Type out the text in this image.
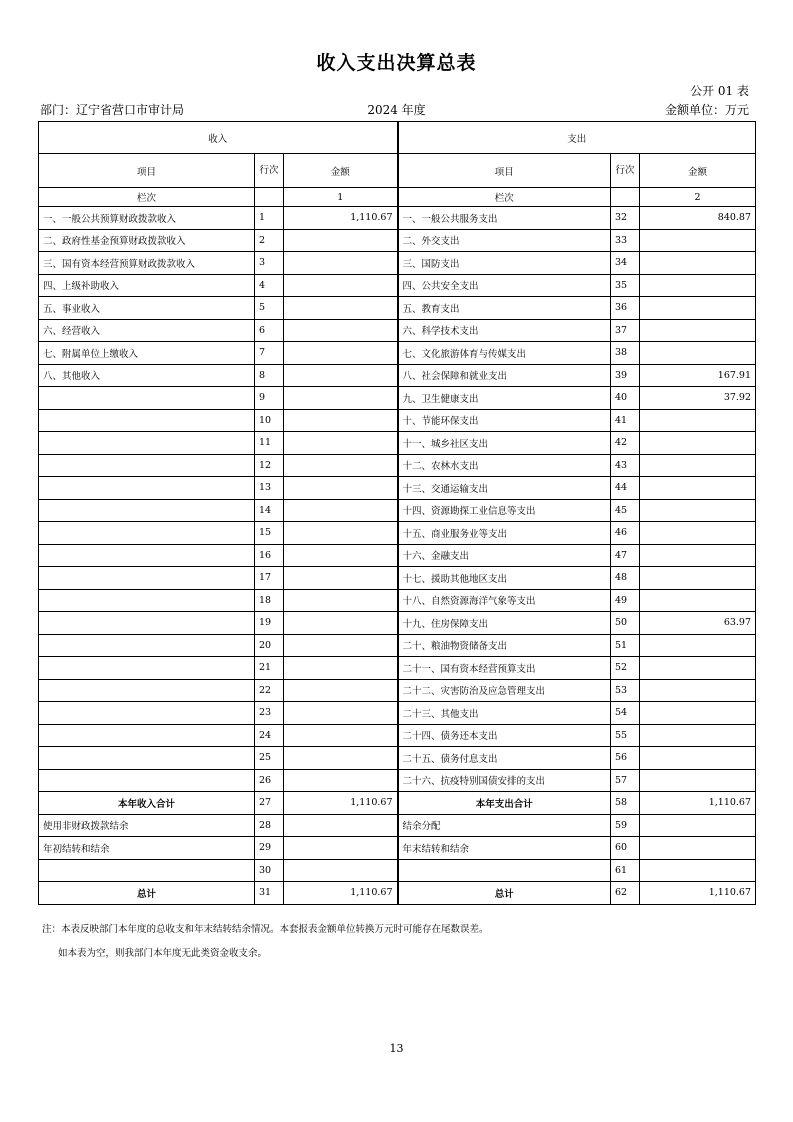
收入支出决算总表
公开 01 表
部门：辽宁省营口市审计局	2024 年度	金额单位：万元
收入			支出		
项目	行次	金额	项目	行次	金额
栏次		1	栏次		2
一、一般公共预算财政拨款收入	1	1,110.67	一、一般公共服务支出	32	840.87
二、政府性基金预算财政拨款收入	2		二、外交支出	33	
三、国有资本经营预算财政拨款收入	3		三、国防支出	34	
四、上级补助收入	4		四、公共安全支出	35	
五、事业收入	5		五、教育支出	36	
六、经营收入	6		六、科学技术支出	37	
七、附属单位上缴收入	7		七、文化旅游体育与传媒支出	38	
八、其他收入	8		八、社会保障和就业支出	39	167.91
	9		九、卫生健康支出	40	37.92
	10		十、节能环保支出	41	
	11		十一、城乡社区支出	42	
	12		十二、农林水支出	43	
	13		十三、交通运输支出	44	
	14		十四、资源勘探工业信息等支出	45	
	15		十五、商业服务业等支出	46	
	16		十六、金融支出	47	
	17		十七、援助其他地区支出	48	
	18		十八、自然资源海洋气象等支出	49	
	19		十九、住房保障支出	50	63.97
	20		二十、粮油物资储备支出	51	
	21		二十一、国有资本经营预算支出	52	
	22		二十二、灾害防治及应急管理支出	53	
	23		二十三、其他支出	54	
	24		二十四、债务还本支出	55	
	25		二十五、债务付息支出	56	
	26		二十六、抗疫特别国债安排的支出	57	
本年收入合计	27	1,110.67	本年支出合计	58	1,110.67
使用非财政拨款结余	28		结余分配	59	
年初结转和结余	29		年末结转和结余	60	
	30			61	
总计	31	1,110.67	总计	62	1,110.67
注：本表反映部门本年度的总收支和年末结转结余情况。本套报表金额单位转换万元时可能存在尾数误差。
如本表为空，则我部门本年度无此类资金收支余。
13
